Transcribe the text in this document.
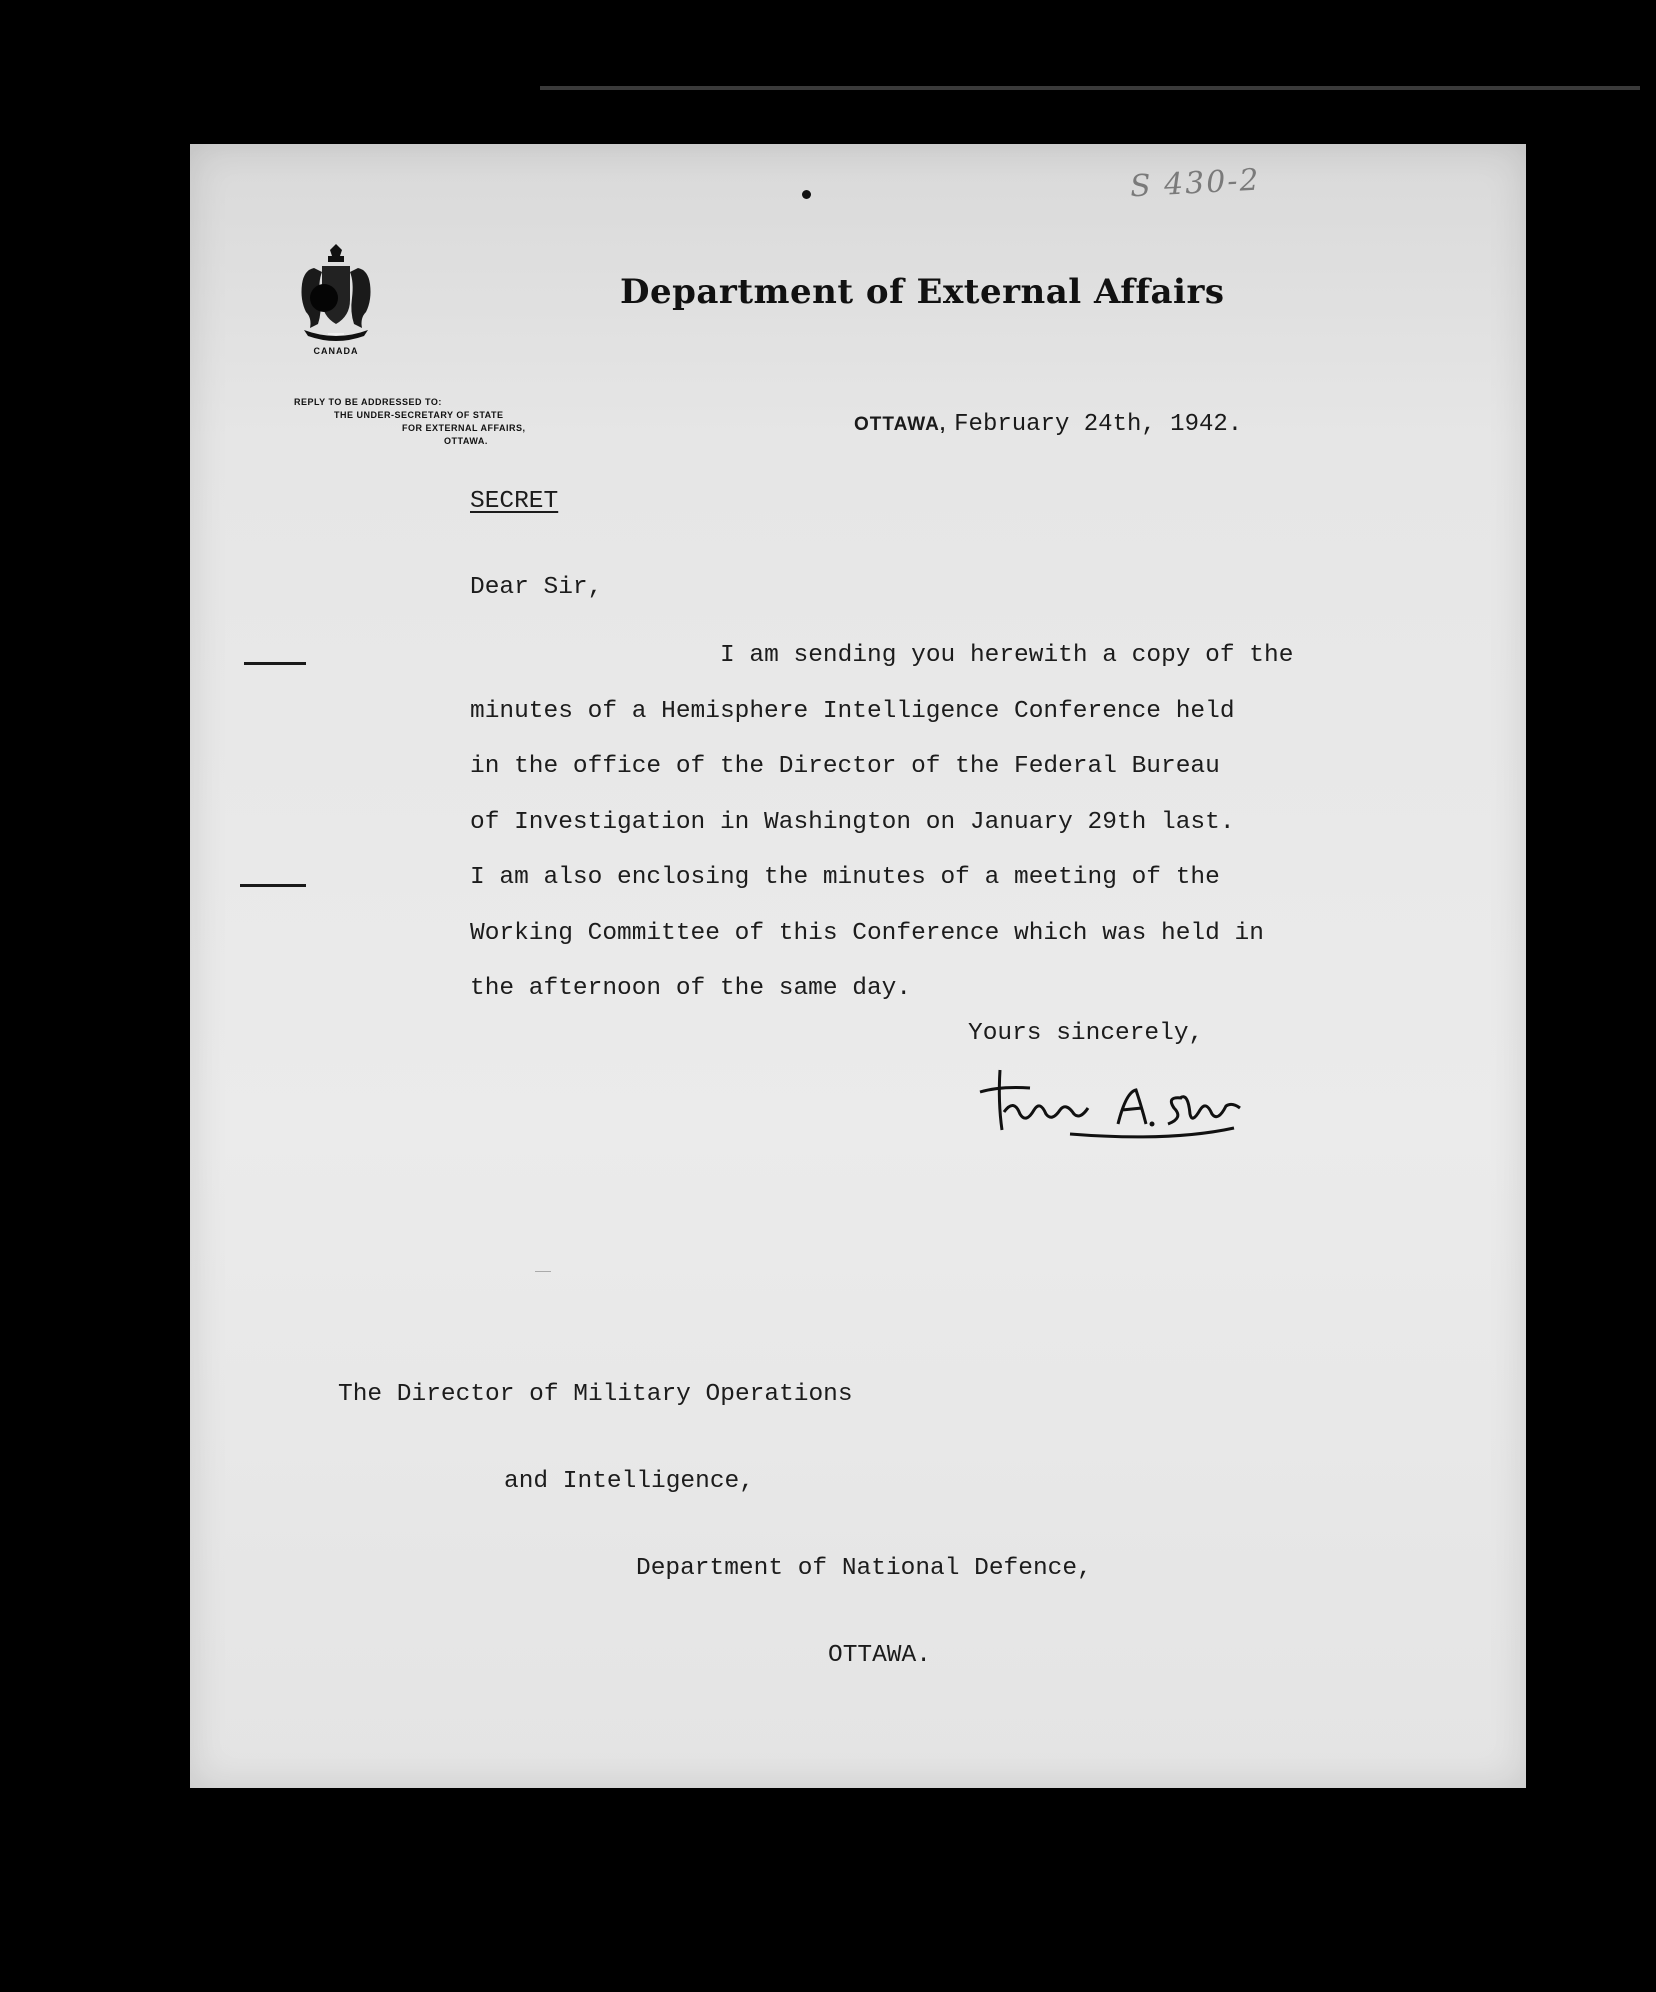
S 430-2
CANADA
REPLY TO BE ADDRESSED TO:
THE UNDER-SECRETARY OF STATE
FOR EXTERNAL AFFAIRS,
OTTAWA.
Department of External Affairs
OTTAWA, February 24th, 1942.
SECRET
Dear Sir,
I am sending you herewith a copy of the
minutes of a Hemisphere Intelligence Conference held
in the office of the Director of the Federal Bureau
of Investigation in Washington on January 29th last.
I am also enclosing the minutes of a meeting of the
Working Committee of this Conference which was held in
the afternoon of the same day.
Yours sincerely,

The Director of Military Operations

and Intelligence,

Department of National Defence,

OTTAWA.
